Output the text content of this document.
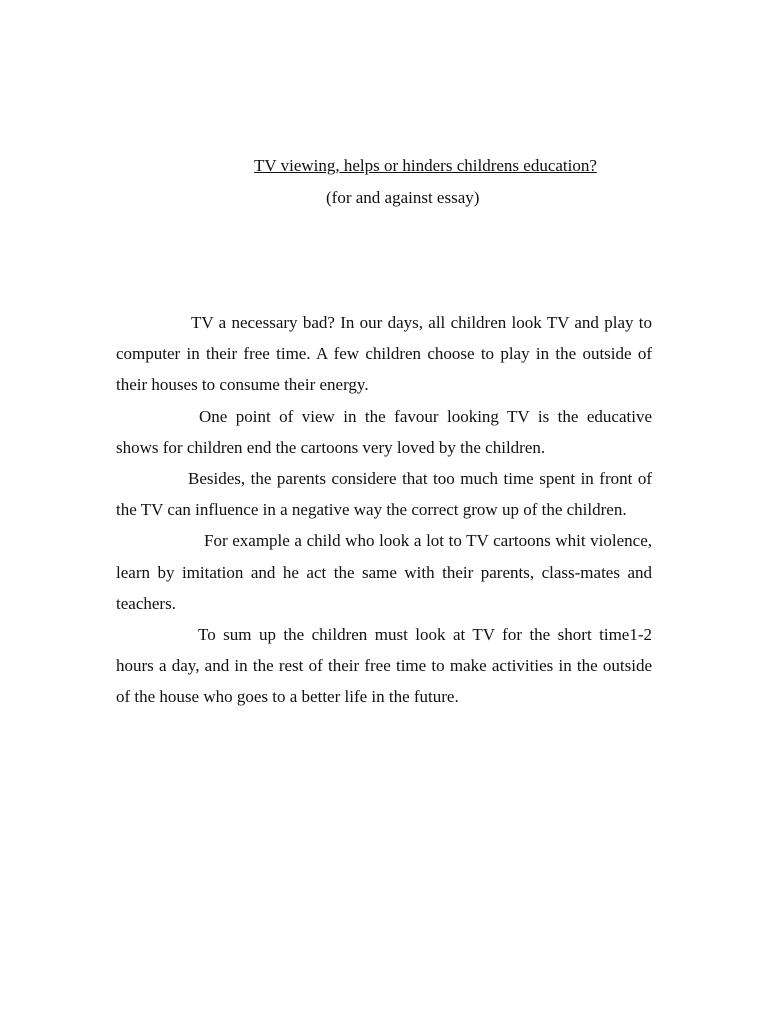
TV viewing, helps or hinders childrens education?
(for and against essay)

TV a necessary bad? In our days, all children look TV and play to computer in their free time. A few children choose to play in the outside of their houses to consume their energy.

One point of view in the favour looking TV is the educative shows for children end the cartoons very loved by the children.

Besides, the parents considere that too much time spent in front of the TV can influence in a negative way the correct grow up of the children.

For example a child who look a lot to TV cartoons whit violence, learn by imitation and he act the same with their parents, class-mates and teachers.

To sum up the children must look at TV for the short time1-2 hours a day, and in the rest of their free time to make activities in the outside of the house who goes to a better life in the future.
